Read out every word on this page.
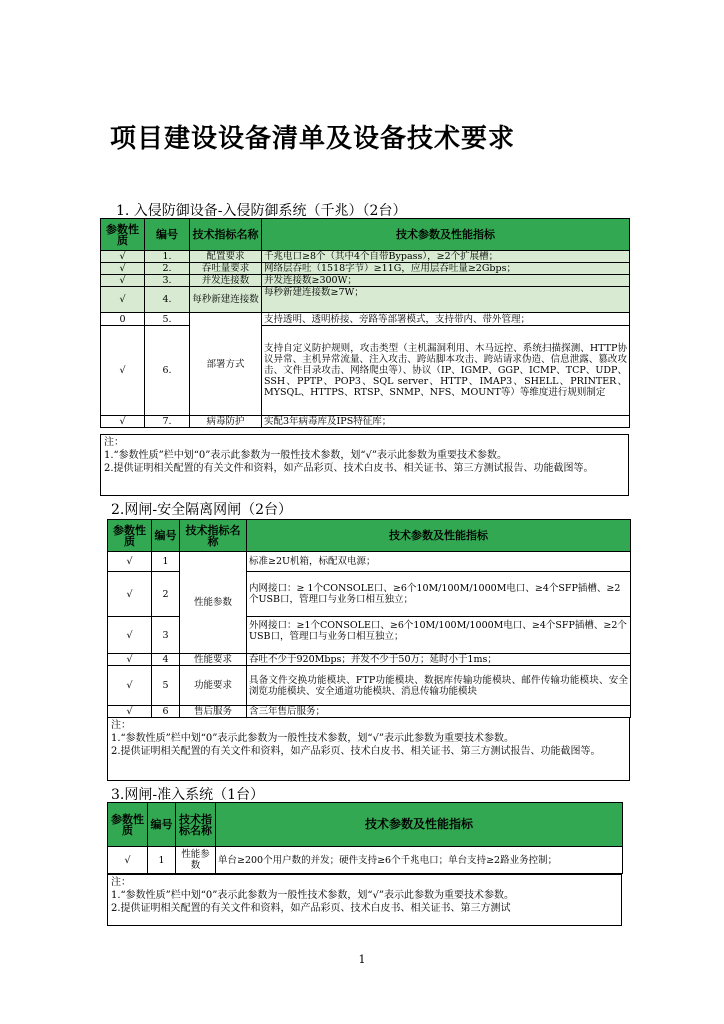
项目建设设备清单及设备技术要求
1. 入侵防御设备-入侵防御系统（千兆）（2台）
参数性质	编号	技术指标名称	技术参数及性能指标
√	1.	配置要求	千兆电口≥8个（其中4个自带Bypass），≥2个扩展槽；
√	2.	吞吐量要求	网络层吞吐（1518字节）≥11G，应用层吞吐量≥2Gbps；
√	3.	并发连接数	并发连接数≥300W；
√	4.	每秒新建连接数	每秒新建连接数≥7W；
0	5.	部署方式	支持透明、透明桥接、旁路等部署模式，支持带内、带外管理；
√	6.		支持自定义防护规则，攻击类型（主机漏洞利用、木马远控、系统扫描探测、HTTP协议异常、主机异常流量、注入攻击、跨站脚本攻击、跨站请求伪造、信息泄露、篡改攻击、文件目录攻击、网络爬虫等）、协议（IP、IGMP、GGP、ICMP、TCP、UDP、SSH、PPTP、POP3、SQL server、HTTP、IMAP3、SHELL、PRINTER、MYSQL、HTTPS、RTSP、SNMP、NFS、MOUNT等）等维度进行规则制定
√	7.	病毒防护	实配3年病毒库及IPS特征库；
注：
1.“参数性质”栏中划“0”表示此参数为一般性技术参数，划“√”表示此参数为重要技术参数。
2.提供证明相关配置的有关文件和资料，如产品彩页、技术白皮书、相关证书、第三方测试报告、功能截图等。
2.网闸-安全隔离网闸（2台）
参数性质	编号	技术指标名称	技术参数及性能指标
√	1	性能参数	标准≥2U机箱，标配双电源；
√	2		内网接口：≥ 1个CONSOLE口、≥6个10M/100M/1000M电口、≥4个SFP插槽、≥2个USB口，管理口与业务口相互独立；
√	3		外网接口：≥1个CONSOLE口、≥6个10M/100M/1000M电口、≥4个SFP插槽、≥2个USB口，管理口与业务口相互独立；
√	4	性能要求	吞吐不少于920Mbps；并发不少于50万；延时小于1ms；
√	5	功能要求	具备文件交换功能模块、FTP功能模块、数据库传输功能模块、邮件传输功能模块、安全浏览功能模块、安全通道功能模块、消息传输功能模块
√	6	售后服务	含三年售后服务；
注：
1.“参数性质”栏中划“0”表示此参数为一般性技术参数，划“√”表示此参数为重要技术参数。
2.提供证明相关配置的有关文件和资料，如产品彩页、技术白皮书、相关证书、第三方测试报告、功能截图等。
3.网闸-准入系统（1台）
参数性质	编号	技术指标名称	技术参数及性能指标
√	1	性能参数	单台≥200个用户数的并发；硬件支持≥6个千兆电口；单台支持≥2路业务控制；
注：
1.“参数性质”栏中划“0”表示此参数为一般性技术参数，划“√”表示此参数为重要技术参数。
2.提供证明相关配置的有关文件和资料，如产品彩页、技术白皮书、相关证书、第三方测试
1
